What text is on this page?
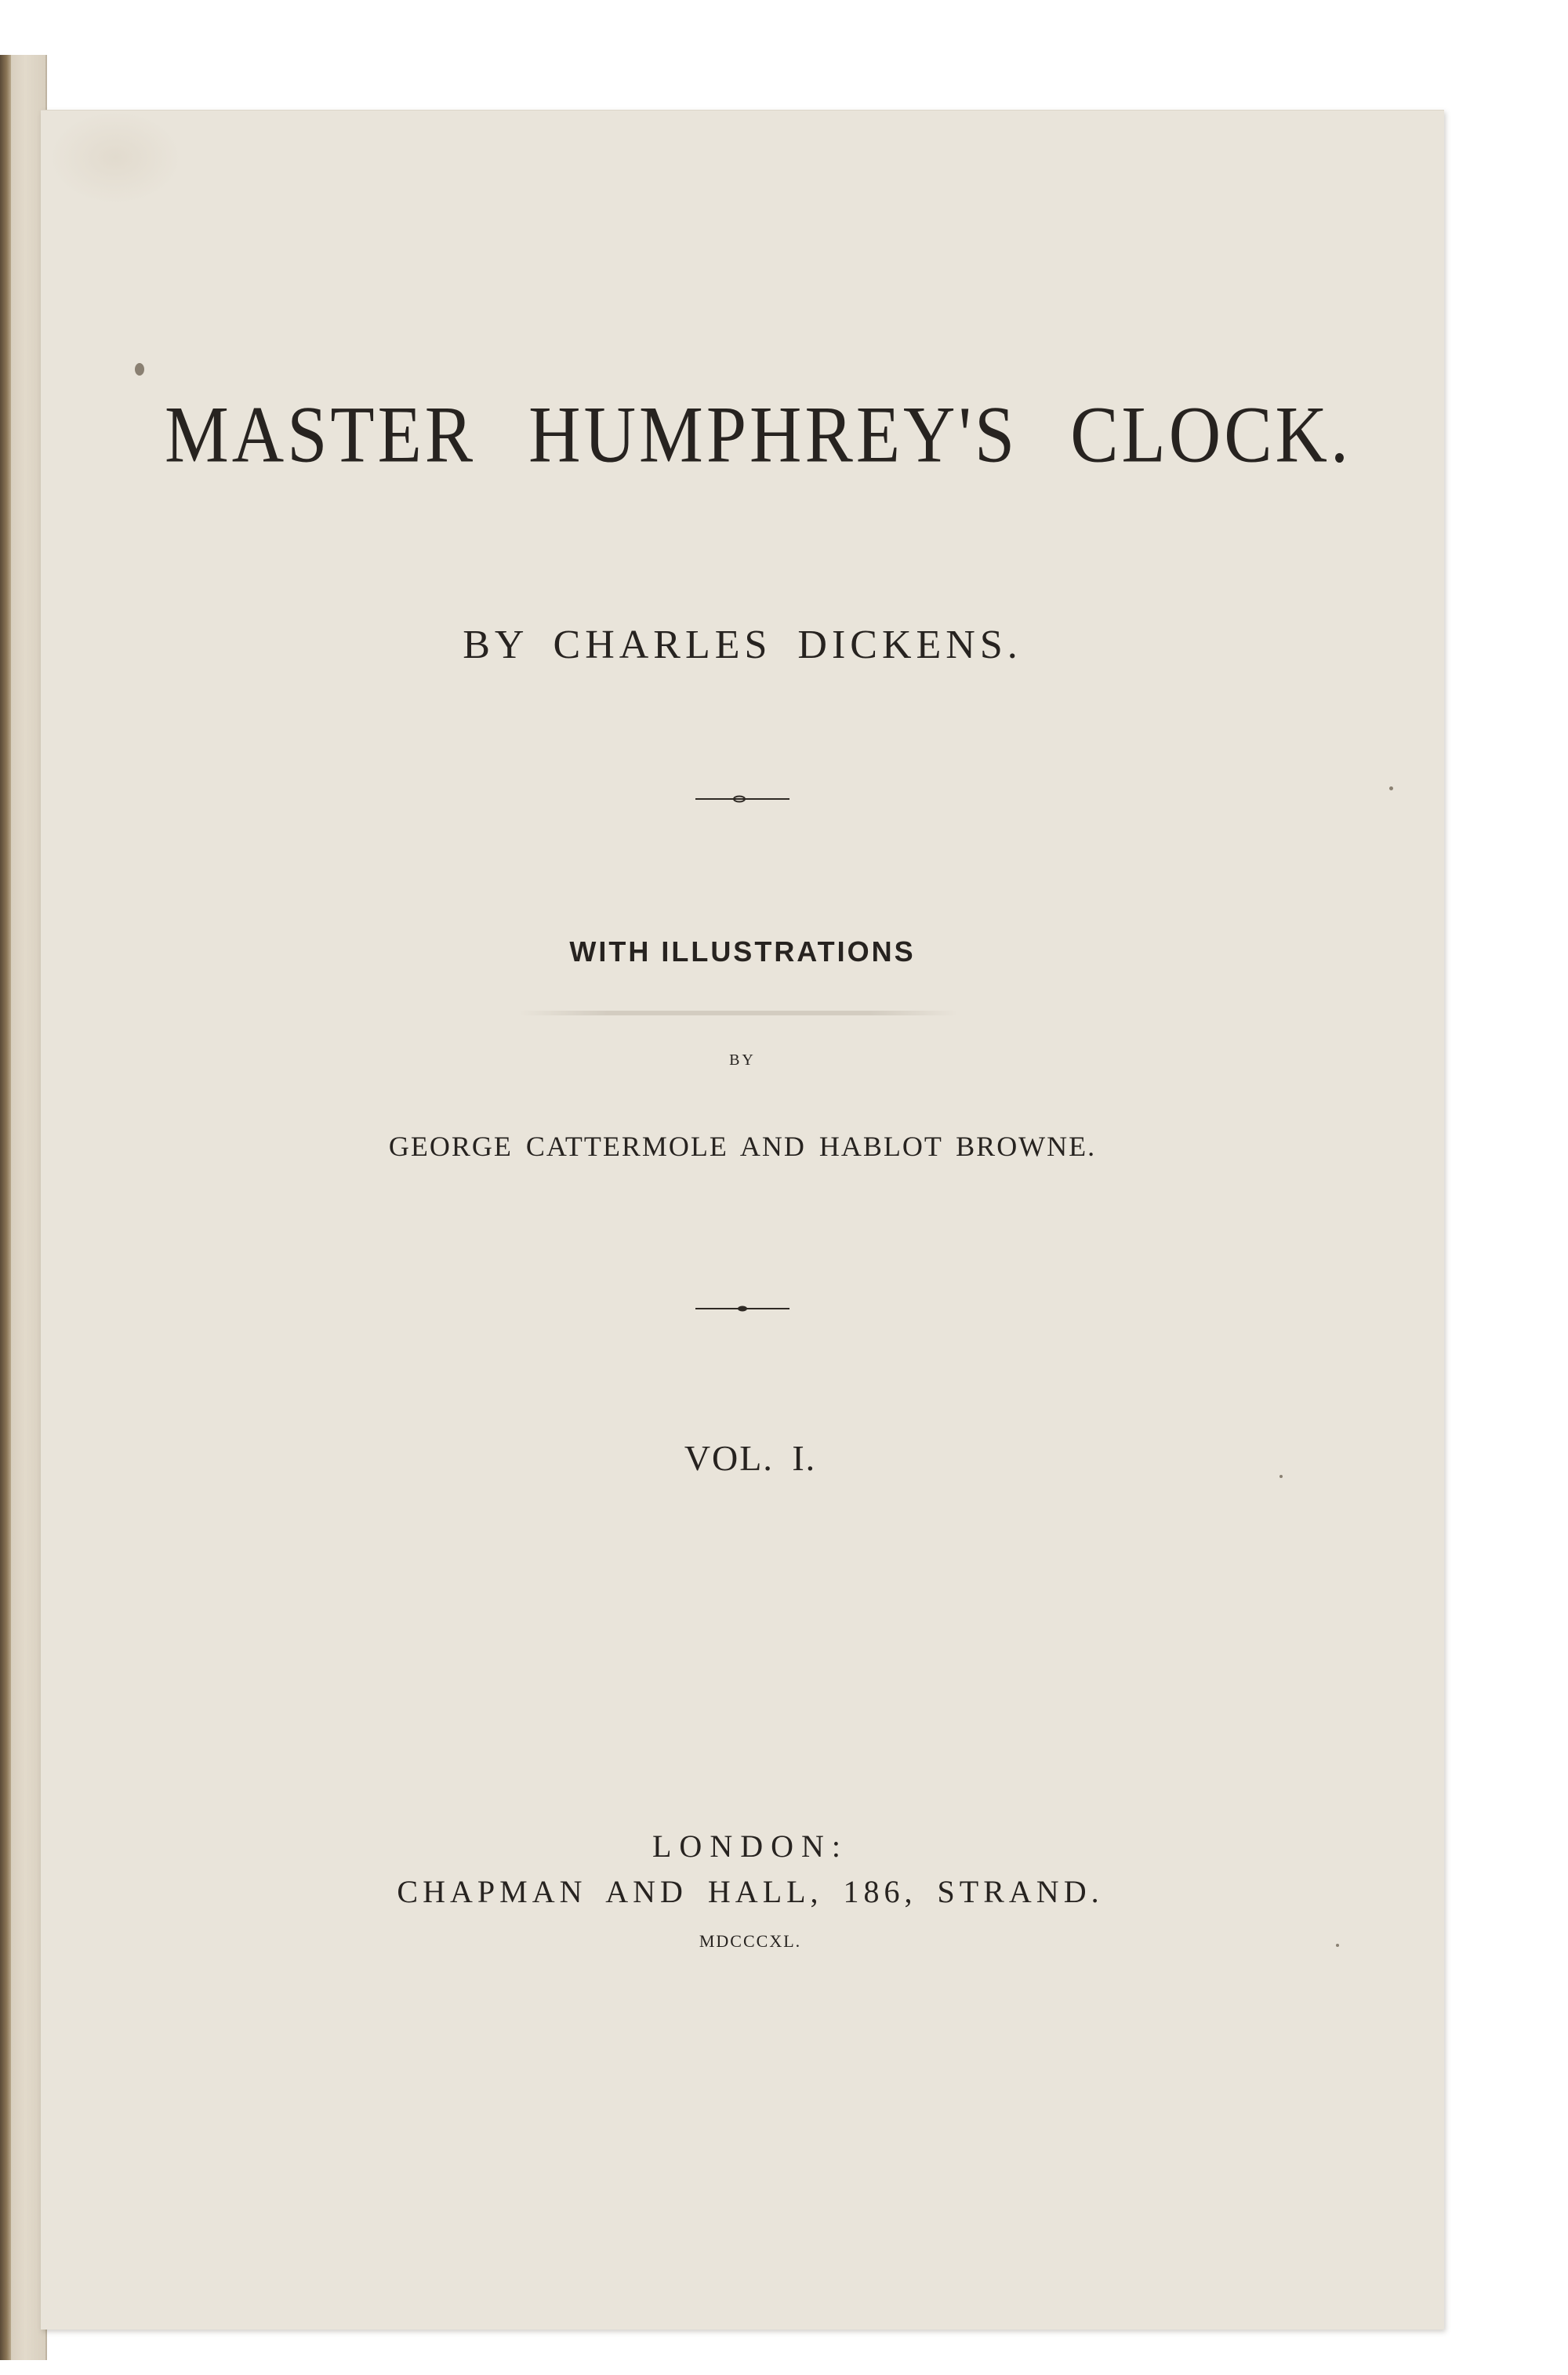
MASTER HUMPHREY'S CLOCK.
BY CHARLES DICKENS.
WITH ILLUSTRATIONS
BY
GEORGE CATTERMOLE AND HABLOT BROWNE.
VOL. I.
LONDON:
CHAPMAN AND HALL, 186, STRAND.
MDCCCXL.
